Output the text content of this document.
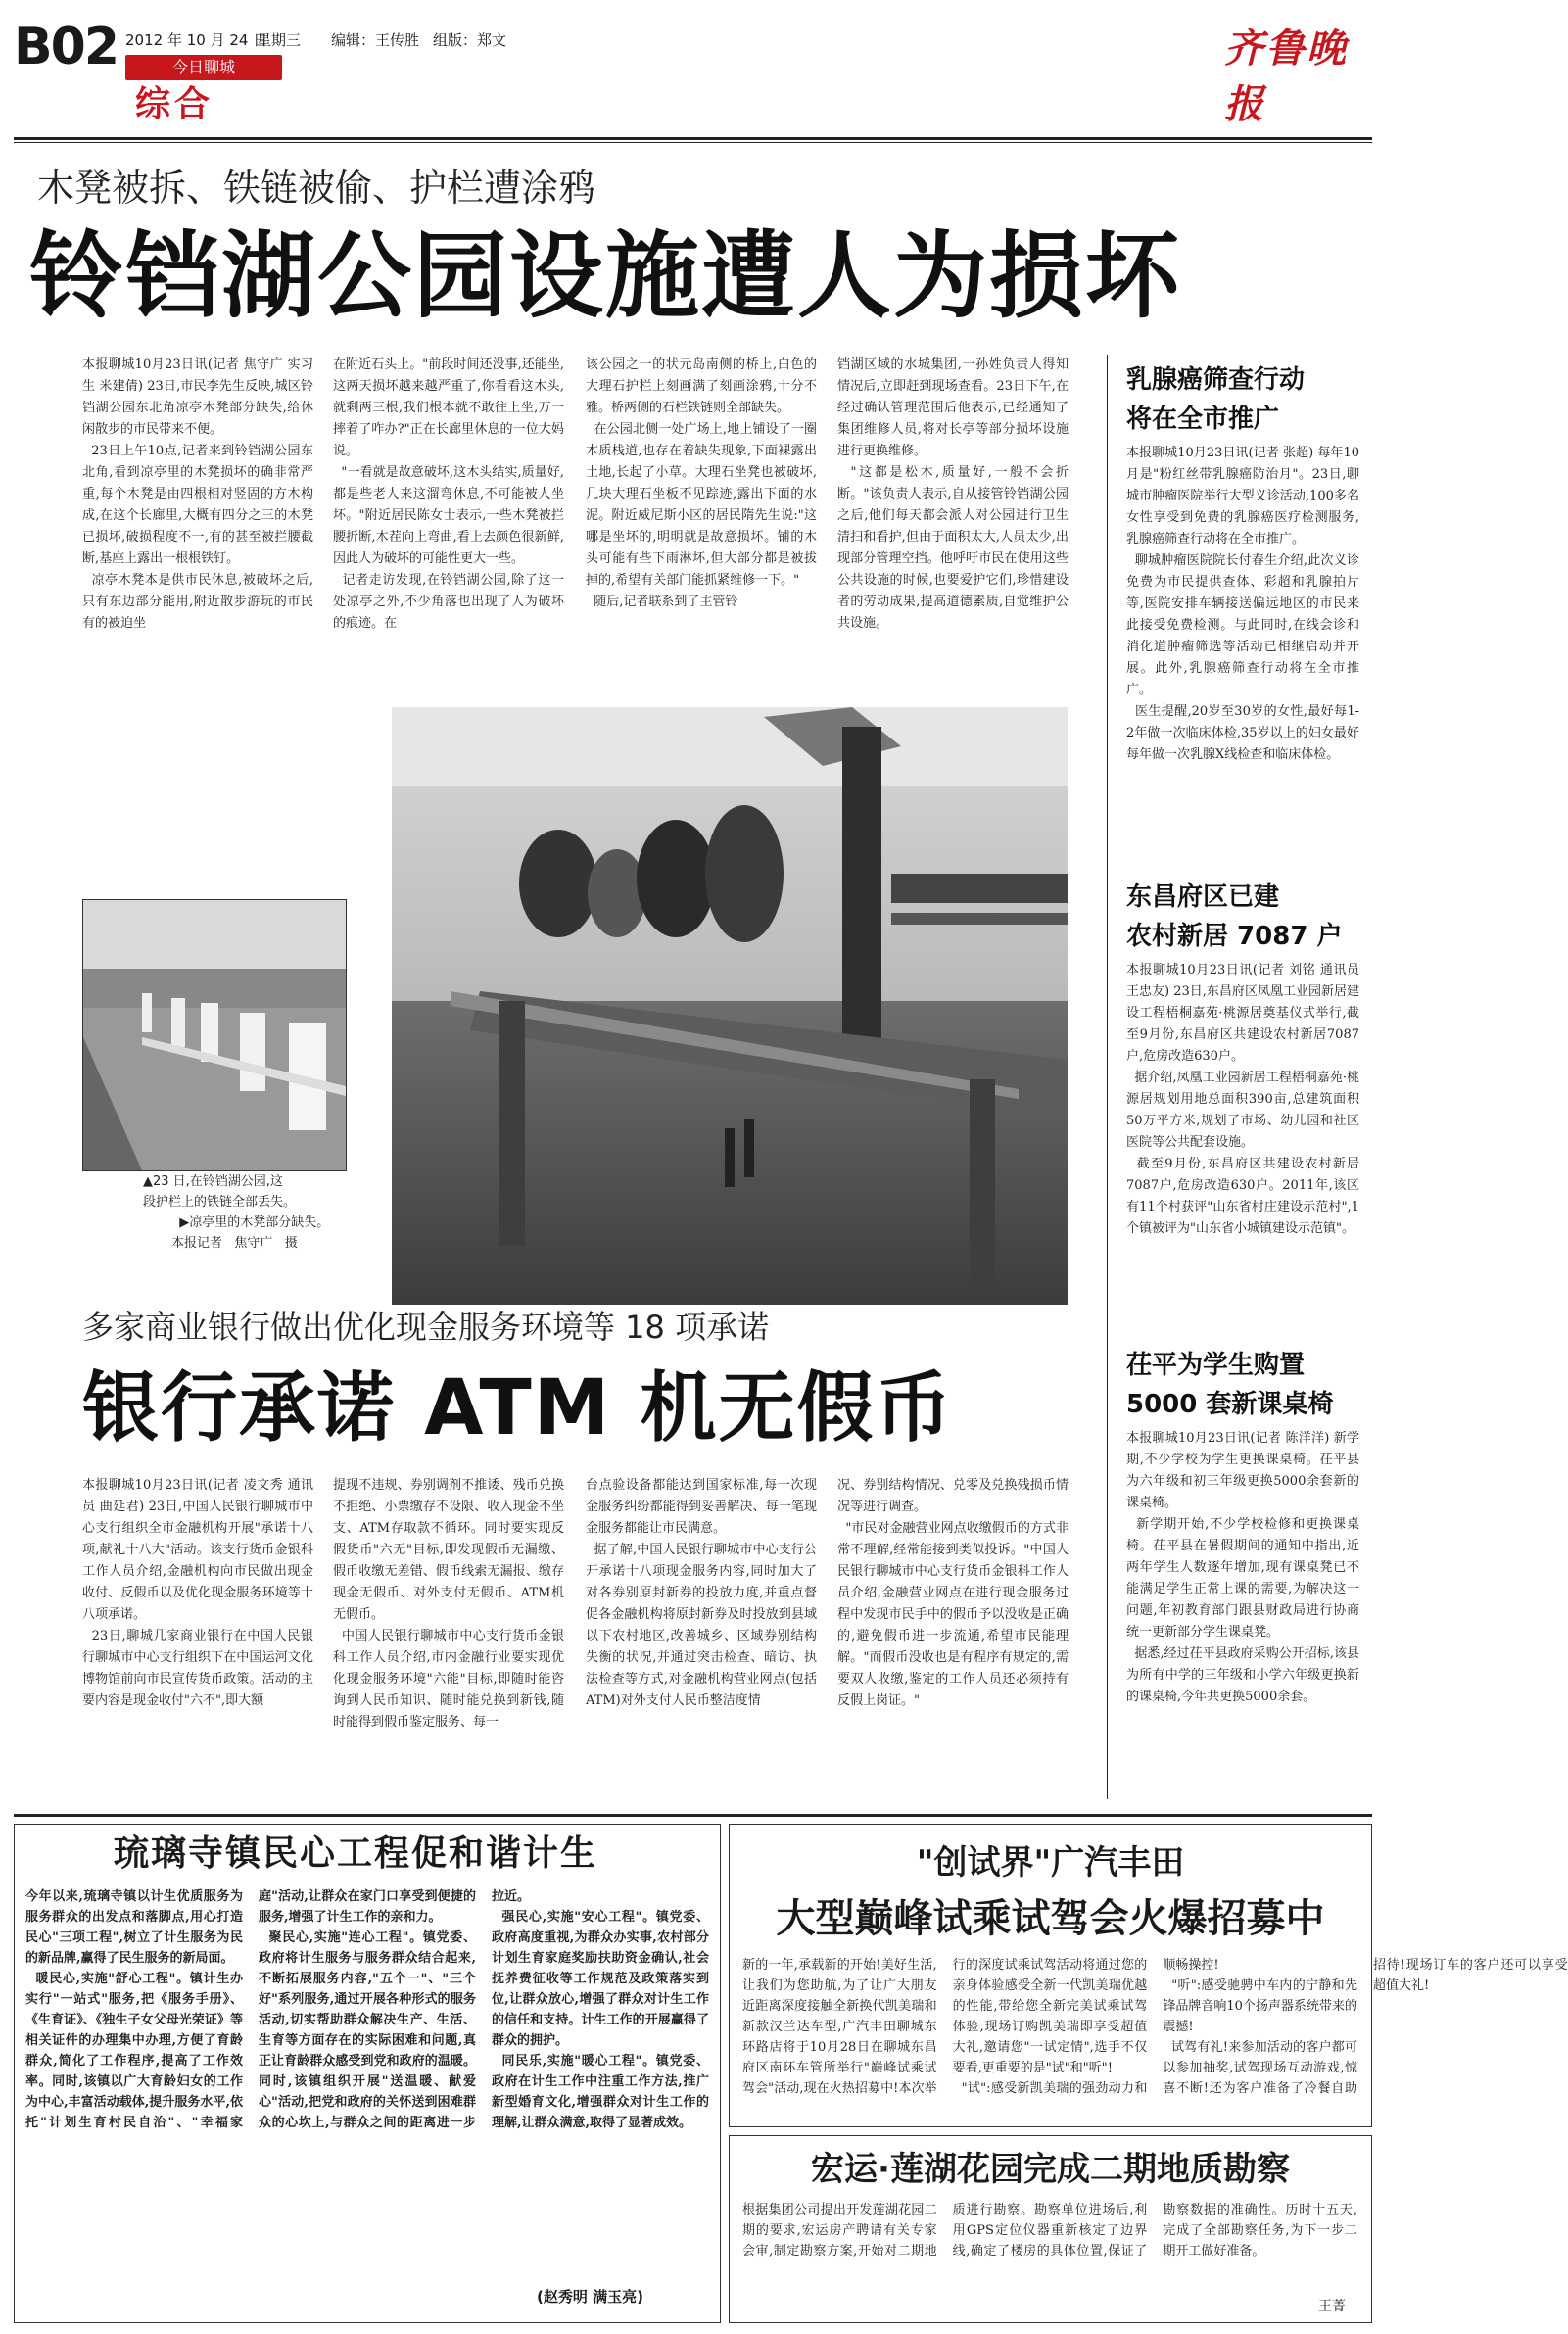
B02 2012 年 10 月 24 日
星期三 编辑：王传胜 组版：郑文
今日聊城
综合
齐鲁晚报
木凳被拆、铁链被偷、护栏遭涂鸦
铃铛湖公园设施遭人为损坏
本报聊城10月23日讯(记者 焦守广 实习生 米建倩) 23日,市民李先生反映,城区铃铛湖公园东北角凉亭木凳部分缺失,给休闲散步的市民带来不便。
23日上午10点,记者来到铃铛湖公园东北角,看到凉亭里的木凳损坏的确非常严重,每个木凳是由四根相对竖固的方木构成,在这个长廊里,大概有四分之三的木凳已损坏,破损程度不一,有的甚至被拦腰截断,基座上露出一根根铁钉。
凉亭木凳本是供市民休息,被破坏之后,只有东边部分能用,附近散步游玩的市民有的被迫坐
在附近石头上。"前段时间还没事,还能坐,这两天损坏越来越严重了,你看看这木头,就剩两三根,我们根本就不敢往上坐,万一摔着了咋办?"正在长廊里休息的一位大妈说。
"一看就是故意破坏,这木头结实,质量好,都是些老人来这溜弯休息,不可能被人坐坏。"附近居民陈女士表示,一些木凳被拦腰折断,木茬向上弯曲,看上去颜色很新鲜,因此人为破坏的可能性更大一些。
记者走访发现,在铃铛湖公园,除了这一处凉亭之外,不少角落也出现了人为破坏的痕迹。在
该公园之一的状元岛南侧的桥上,白色的大理石护栏上刻画满了刻画涂鸦,十分不雅。桥两侧的石栏铁链则全部缺失。
在公园北侧一处广场上,地上铺设了一圈木质栈道,也存在着缺失现象,下面裸露出土地,长起了小草。大理石坐凳也被破坏,几块大理石坐板不见踪迹,露出下面的水泥。附近威尼斯小区的居民隋先生说:"这哪是坐坏的,明明就是故意损坏。铺的木头可能有些下雨淋坏,但大部分都是被拔掉的,希望有关部门能抓紧维修一下。"
随后,记者联系到了主管铃
铛湖区域的水城集团,一孙姓负责人得知情况后,立即赶到现场查看。23日下午,在经过确认管理范围后他表示,已经通知了集团维修人员,将对长亭等部分损坏设施进行更换维修。
"这都是松木,质量好,一般不会折断。"该负责人表示,自从接管铃铛湖公园之后,他们每天都会派人对公园进行卫生清扫和看护,但由于面积太大,人员太少,出现部分管理空挡。他呼吁市民在使用这些公共设施的时候,也要爱护它们,珍惜建设者的劳动成果,提高道德素质,自觉维护公共设施。
▲23 日,在铃铛湖公园,这
段护栏上的铁链全部丢失。
▶凉亭里的木凳部分缺失。
本报记者   焦守广   摄
乳腺癌筛查行动
将在全市推广
本报聊城10月23日讯(记者 张超) 每年10月是"粉红丝带乳腺癌防治月"。23日,聊城市肿瘤医院举行大型义诊活动,100多名女性享受到免费的乳腺癌医疗检测服务,乳腺癌筛查行动将在全市推广。
聊城肿瘤医院院长付春生介绍,此次义诊免费为市民提供查体、彩超和乳腺拍片等,医院安排车辆接送偏远地区的市民来此接受免费检测。与此同时,在线会诊和消化道肿瘤筛选等活动已相继启动并开展。此外,乳腺癌筛查行动将在全市推广。
医生提醒,20岁至30岁的女性,最好每1-2年做一次临床体检,35岁以上的妇女最好每年做一次乳腺X线检查和临床体检。
东昌府区已建
农村新居 7087 户
本报聊城10月23日讯(记者 刘铭 通讯员 王忠友) 23日,东昌府区凤凰工业园新居建设工程梧桐嘉苑·桃源居奠基仪式举行,截至9月份,东昌府区共建设农村新居7087户,危房改造630户。
据介绍,凤凰工业园新居工程梧桐嘉苑·桃源居规划用地总面积390亩,总建筑面积50万平方米,规划了市场、幼儿园和社区医院等公共配套设施。
截至9月份,东昌府区共建设农村新居7087户,危房改造630户。2011年,该区有11个村获评"山东省村庄建设示范村",1个镇被评为"山东省小城镇建设示范镇"。
茌平为学生购置
5000 套新课桌椅
本报聊城10月23日讯(记者 陈洋洋) 新学期,不少学校为学生更换课桌椅。茌平县为六年级和初三年级更换5000余套新的课桌椅。
新学期开始,不少学校检修和更换课桌椅。茌平县在暑假期间的通知中指出,近两年学生人数逐年增加,现有课桌凳已不能满足学生正常上课的需要,为解决这一问题,年初教育部门跟县财政局进行协商统一更新部分学生课桌凳。
据悉,经过茌平县政府采购公开招标,该县为所有中学的三年级和小学六年级更换新的课桌椅,今年共更换5000余套。
多家商业银行做出优化现金服务环境等 18 项承诺
银行承诺 ATM 机无假币
本报聊城10月23日讯(记者 凌文秀 通讯员 曲延君) 23日,中国人民银行聊城市中心支行组织全市金融机构开展"承诺十八项,献礼十八大"活动。该支行货币金银科工作人员介绍,金融机构向市民做出现金收付、反假币以及优化现金服务环境等十八项承诺。
23日,聊城几家商业银行在中国人民银行聊城市中心支行组织下在中国运河文化博物馆前向市民宣传货币政策。活动的主要内容是现金收付"六不",即大额
提现不违规、券别调剂不推诿、残币兑换不拒绝、小票缴存不设限、收入现金不坐支、ATM存取款不循环。同时要实现反假货币"六无"目标,即发现假币无漏缴、假币收缴无差错、假币线索无漏报、缴存现金无假币、对外支付无假币、ATM机无假币。
中国人民银行聊城市中心支行货币金银科工作人员介绍,市内金融行业要实现优化现金服务环境"六能"目标,即随时能咨询到人民币知识、随时能兑换到新钱,随时能得到假币鉴定服务、每一
台点验设备都能达到国家标准,每一次现金服务纠纷都能得到妥善解决、每一笔现金服务都能让市民满意。
据了解,中国人民银行聊城市中心支行公开承诺十八项现金服务内容,同时加大了对各券别原封新券的投放力度,并重点督促各金融机构将原封新券及时投放到县域以下农村地区,改善城乡、区域券别结构失衡的状况,并通过突击检查、暗访、执法检查等方式,对金融机构营业网点(包括ATM)对外支付人民币整洁度情
况、券别结构情况、兑零及兑换残损币情况等进行调查。
"市民对金融营业网点收缴假币的方式非常不理解,经常能接到类似投诉。"中国人民银行聊城市中心支行货币金银科工作人员介绍,金融营业网点在进行现金服务过程中发现市民手中的假币予以没收是正确的,避免假币进一步流通,希望市民能理解。"而假币没收也是有程序有规定的,需要双人收缴,鉴定的工作人员还必须持有反假上岗证。"
琉璃寺镇民心工程促和谐计生
今年以来,琉璃寺镇以计生优质服务为服务群众的出发点和落脚点,用心打造民心"三项工程",树立了计生服务为民的新品牌,赢得了民生服务的新局面。
暖民心,实施"舒心工程"。镇计生办实行"一站式"服务,把《服务手册》、《生育证》、《独生子女父母光荣证》等相关证件的办理集中办理,方便了育龄群众,简化了工作程序,提高了工作效率。同时,该镇以广大育龄妇女的工作为中心,丰富活动载体,提升服务水平,依托"计划生育村民自治"、"幸福家庭"活动,让群众在家门口享受到便捷的服务,增强了计生工作的亲和力。
聚民心,实施"连心工程"。镇党委、政府将计生服务与服务群众结合起来,不断拓展服务内容,"五个一"、"三个好"系列服务,通过开展各种形式的服务活动,切实帮助群众解决生产、生活、生育等方面存在的实际困难和问题,真正让育龄群众感受到党和政府的温暖。同时,该镇组织开展"送温暖、献爱心"活动,把党和政府的关怀送到困难群众的心坎上,与群众之间的距离进一步拉近。
强民心,实施"安心工程"。镇党委、政府高度重视,为群众办实事,农村部分计划生育家庭奖励扶助资金确认,社会抚养费征收等工作规范及政策落实到位,让群众放心,增强了群众对计生工作的信任和支持。计生工作的开展赢得了群众的拥护。
同民乐,实施"暖心工程"。镇党委、政府在计生工作中注重工作方法,推广新型婚育文化,增强群众对计生工作的理解,让群众满意,取得了显著成效。
(赵秀明 满玉亮)
"创试界"广汽丰田
大型巅峰试乘试驾会火爆招募中
新的一年,承载新的开始!美好生活,让我们为您助航,为了让广大朋友近距离深度接触全新换代凯美瑞和新款汉兰达车型,广汽丰田聊城东环路店将于10月28日在聊城东昌府区南环车管所举行"巅峰试乘试驾会"活动,现在火热招募中!本次举行的深度试乘试驾活动将通过您的亲身体验感受全新一代凯美瑞优越的性能,带给您全新完美试乘试驾体验,现场订购凯美瑞即享受超值大礼,邀请您"一试定情",选手不仅要看,更重要的是"试"和"听"!
"试":感受新凯美瑞的强劲动力和顺畅操控!
"听":感受驰骋中车内的宁静和先锋品牌音响10个扬声器系统带来的震撼!
试驾有礼!来参加活动的客户都可以参加抽奖,试驾现场互动游戏,惊喜不断!还为客户准备了冷餐自助招待!现场订车的客户还可以享受超值大礼!
宏运·莲湖花园完成二期地质勘察
根据集团公司提出开发莲湖花园二期的要求,宏运房产聘请有关专家会审,制定勘察方案,开始对二期地质进行勘察。勘察单位进场后,利用GPS定位仪器重新核定了边界线,确定了楼房的具体位置,保证了勘察数据的准确性。历时十五天,完成了全部勘察任务,为下一步二期开工做好准备。
王菁
